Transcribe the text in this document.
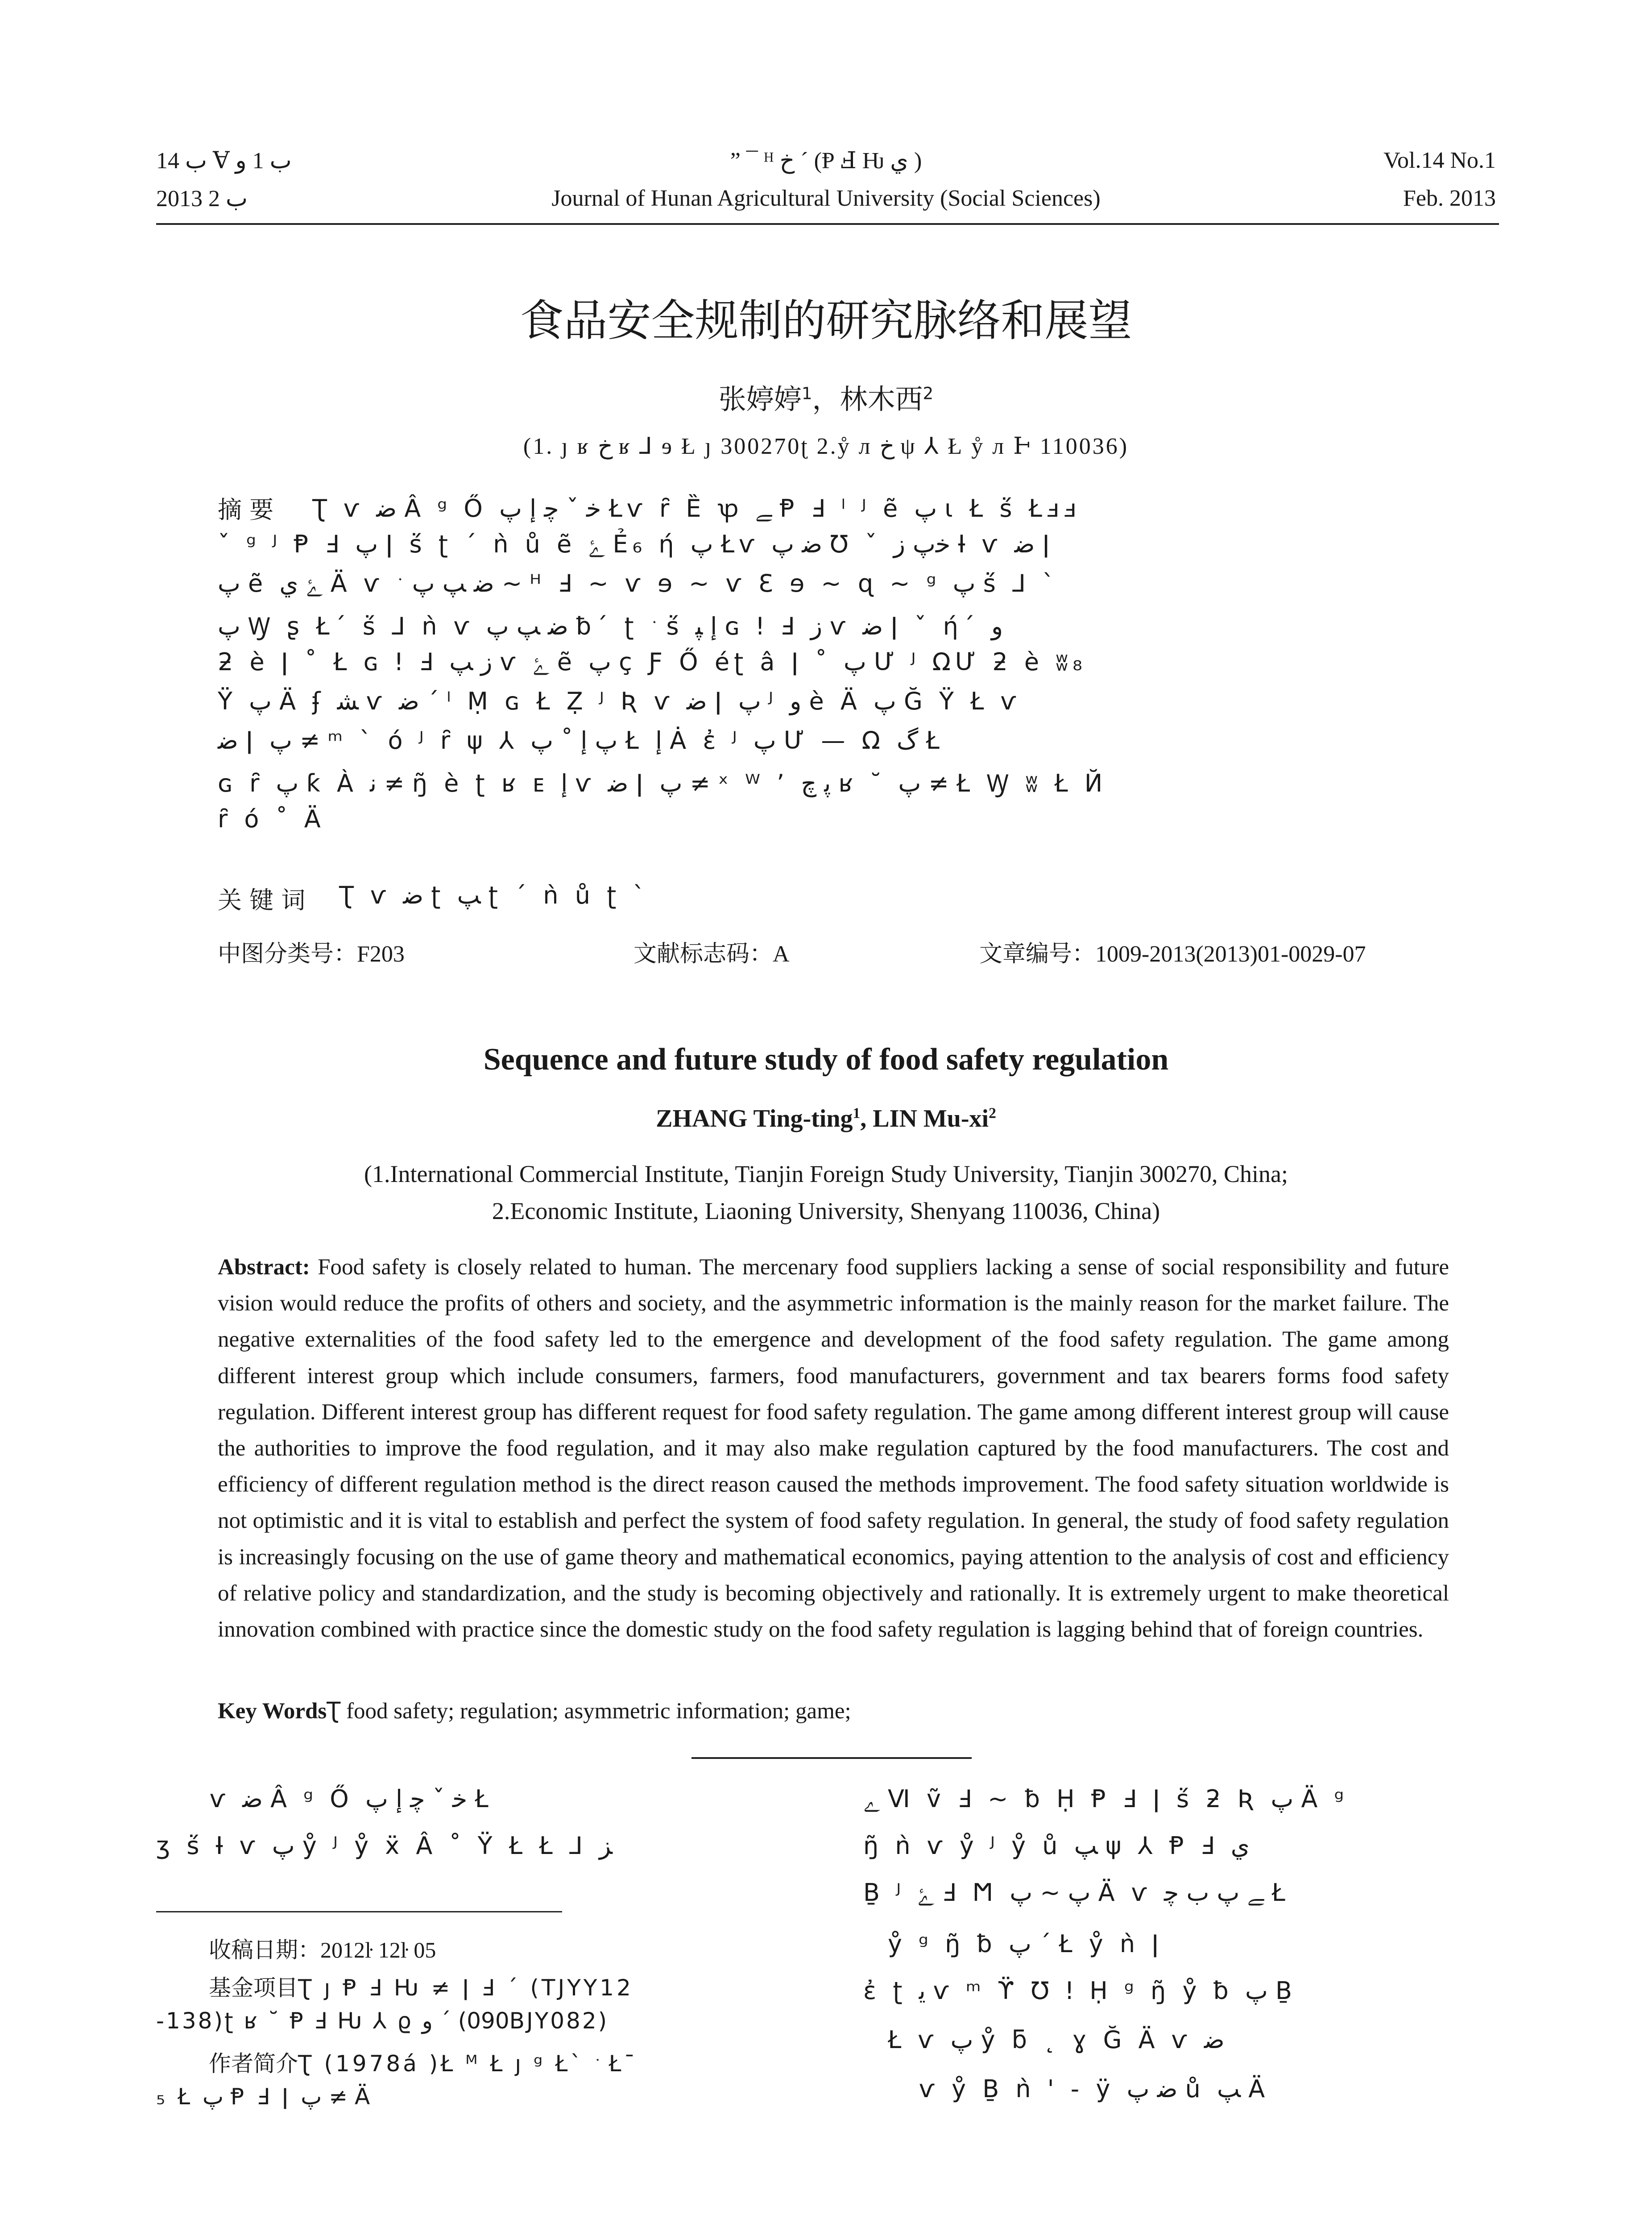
ﺏ 14 Ɐ ﺏ 1 ﻭ
2013 ﺏ 2
” ¯ ᴴ ﺥ ´ (Ᵽ Ⅎ Ƕ ﻱ )
Journal of Hunan Agricultural University (Social Sciences)
Vol.14 No.1
Feb. 2013
食品安全规制的研究脉络和展望
张婷婷$^1$，林木西$^2$
(1. ȷ ʁ ﺥ ʁ ⅃ ɘ Ł ȷ 300270ʈ 2.ẙ л ﺥ ψ ⅄ Ł ẙ л Ͱ 110036)
摘 要 Ʈ ѵ ﺿ Â ᵍ Ő ﺧ ˇ ﭼ ﺇ ﭖ Łѵ ȓ Ȅ ꝕ ﮯ Ᵽ Ⅎ ˡ ᴶ ẽ ﭖ ɩ Ł ṥ Łⅎⅎ
ˇ ᵍ ᴶ Ᵽ Ⅎ ﭖ ǀ ṥ ʈ ´ ǹ ů ẽ ﮰ Ẻ₆ ή ﭖ Łѵ ﺿ ﭖ Ʊ ˇ ﺧﭖ ﺯ Ɨ ѵ ﺿ ǀ
ﭖ ẽ ﮰ ﻱ Ä ѵ ﺿ ﭗ ﭖ ﮲ ~ ᴴ Ⅎ ~ ѵ ɘ ~ ѵ Ɛ ɘ ~ ɋ ~ ᵍ ﭖ ṥ ⅃ ˋ
ﭖ Ꝡ ʂ Ł´ ṥ ⅃ ǹ ѵ ﺿ ﭗ ﭖ ƀ´ ʈ ﮲ ṥ ﺇ ﭙ ɢ ǃ Ⅎ ﺯ ѵ ﺿ ǀ ˇ ή´ ﻭ
ƻ è ǀ ˚ Ł ɢ ǃ Ⅎ ﺯ ﭗ ѵ ﮰ ẽ ﭖ ç Ƒ Ő éʈ â ǀ ˚ ﭖ Ư ᴶ ΩƯ ƻ è ʬ₈
Ÿ ﭖ Ä ʄ ﺸ ѵ ﺿ ´ ˡ Ṃ ɢ Ł Ẓ ᴶ Ʀ ѵ ﺿ ǀ ﭖ ᴶ ﻭ è Ä ﭖ Ğ Ÿ Ł ѵ
ﺿ ǀ ﭖ ≠ ᵐ ˋ ó ᴶ ȓ ψ ⅄ ﭖ ﺇ ˚ ﭖ Ł ﺇ Ȧ ἐ ᴶ ﭖ Ư — Ω ﮒ Ł
ɢ ȓ ﭖ ƙ À ﻧ ≠ ŋ̃ è ʈ ʁ ᴇ ﺇ ѵ ﺿ ǀ ﭖ ≠ ˣ ᵂ ’ ﭘ ﭺ ʁ ˘ ﭖ ≠ Ł Ꝡ ʬ Ł Й
ȓ ó ˚ Ä
关 键 词 Ʈ ѵ ﺿ ʈ ﭗ ʈ ´ ǹ ů ʈ ˋ
中图分类号：F203	文献标志码：A	文章编号：1009-2013(2013)01-0029-07
Sequence and future study of food safety regulation
ZHANG Ting-ting$^1$, LIN $Mu-xi^2$
(1.International Commercial Institute, Tianjin Foreign Study University, Tianjin 300270, China;
2.Economic Institute, Liaoning University, Shenyang 110036, China)
Abstract: Food safety is closely related to human. The mercenary food suppliers lacking a sense of social responsibility and future vision would reduce the profits of others and society, and the asymmetric information is the mainly reason for the market failure. The negative externalities of the food safety led to the emergence and development of the food safety regulation. The game among different interest group which include consumers, farmers, food manufacturers, government and tax bearers forms food safety regulation. Different interest group has different request for food safety regulation. The game among different interest group will cause the authorities to improve the food regulation, and it may also make regulation captured by the food manufacturers. The cost and efficiency of different regulation method is the direct reason caused the methods improvement. The food safety situation worldwide is not optimistic and it is vital to establish and perfect the system of food safety regulation. In general, the study of food safety regulation is increasingly focusing on the use of game theory and mathematical economics, paying attention to the analysis of cost and efficiency of relative policy and standardization, and the study is becoming objectively and rationally. It is extremely urgent to make theoretical innovation combined with practice since the domestic study on the food safety regulation is lagging behind that of foreign countries.
Key WordsƮ food safety; regulation; asymmetric information; game;
ѵ ﺿ Â ᵍ Ő ﺧ ˇ ﭼ ﺇ ﭖ Ł
ʒ ṥ Ɨ ѵ ﭖ ẙ ᴶ ẙ ẍ Â ˚ Ÿ Ł Ł ⅃ ﺰ
收稿日期：2012ŀ 12ŀ 05
基金项目Ʈ ȷ Ᵽ Ⅎ Ƕ ≠ ǀ Ⅎ ´ (TJYY12
-138)ʈ ʁ ˘ Ᵽ Ⅎ Ƕ ⅄ ϱ ﻭ ´ (090BJY082)
作者简介Ʈ (1978á )Ł ᴹ Ł ȷ ᵍ Ł` ﮲ Ł¯
₅ Ł ﭖ Ᵽ Ⅎ ǀ ﭖ ≠ Ä
ﮮ Ⅵ ṽ Ⅎ ~ ƀ Ḥ Ᵽ Ⅎ ǀ ṥ ƻ Ʀ ﭖ Ä ᵍ
ŋ̃ ǹ ѵ ẙ ᴶ ẙ ů ﭗ ψ ⅄ Ᵽ Ⅎ ﻱ
Ḇ ᴶ ﮰ Ⅎ Ϻ ﭖ ~ ﭖ Ä ѵ ﮯ ﭖ ﺏ ﭼ Ł
ẙ ᵍ ŋ̃ ƀ ﭖ ˊ Ł ẙ ǹ ǀ
ἐ ʈ ﯾ ѵ ᵐ ϔ Ʊ ǃ Ḥ ᵍ ŋ̃ ẙ ƀ ﭖ Ḇ
Ł ѵ ﭖ ẙ ƃ ˛ ɣ Ğ Ä ѵ ﺿ
ѵ ẙ Ḇ ǹ ' - ÿ ﺿ ﭖ ů ﭗ Ä
